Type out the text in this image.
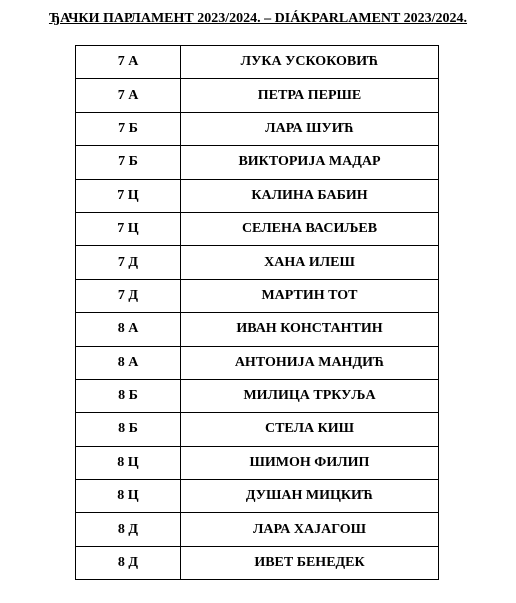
ЂАЧКИ ПАРЛАМЕНТ 2023/2024. – DIÁKPARLAMENT 2023/2024.
7 А	ЛУКА УСКОКОВИЋ
7 А	ПЕТРА ПЕРШЕ
7 Б	ЛАРА ШУИЋ
7 Б	ВИКТОРИЈА МАДАР
7 Ц	КАЛИНА БАБИН
7 Ц	СЕЛЕНА ВАСИЉЕВ
7 Д	ХАНА ИЛЕШ
7 Д	МАРТИН ТОТ
8 А	ИВАН КОНСТАНТИН
8 А	АНТОНИЈА МАНДИЋ
8 Б	МИЛИЦА ТРКУЉА
8 Б	СТЕЛА КИШ
8 Ц	ШИМОН ФИЛИП
8 Ц	ДУШАН МИЦКИЋ
8 Д	ЛАРА ХАЈАГОШ
8 Д	ИВЕТ БЕНЕДЕК
